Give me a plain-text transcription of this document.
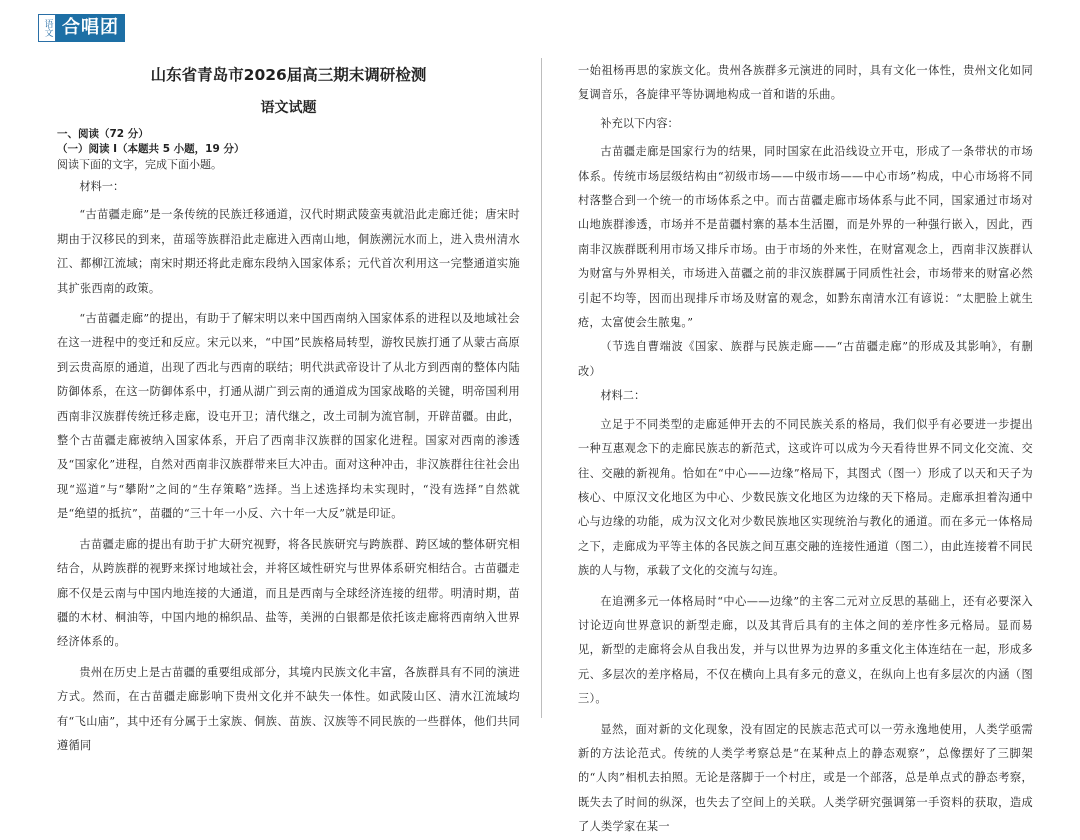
语文 合唱团
山东省青岛市2026届高三期末调研检测
语文试题

一、阅读（72 分）

（一）阅读 I（本题共 5 小题，19 分）

阅读下面的文字，完成下面小题。

材料一：

“古苗疆走廊”是一条传统的民族迁移通道，汉代时期武陵蛮夷就沿此走廊迁徙；唐宋时期由于汉移民的到来，苗瑶等族群沿此走廊进入西南山地，侗族溯沅水而上，进入贵州清水江、都柳江流域；南宋时期还将此走廊东段纳入国家体系；元代首次利用这一完整通道实施其扩张西南的政策。

“古苗疆走廊”的提出，有助于了解宋明以来中国西南纳入国家体系的进程以及地域社会在这一进程中的变迁和反应。宋元以来，“中国”民族格局转型，游牧民族打通了从蒙古高原到云贵高原的通道，出现了西北与西南的联结；明代洪武帝设计了从北方到西南的整体内陆防御体系，在这一防御体系中，打通从湖广到云南的通道成为国家战略的关键，明帝国利用西南非汉族群传统迁移走廊，设屯开卫；清代继之，改土司制为流官制，开辟苗疆。由此，整个古苗疆走廊被纳入国家体系，开启了西南非汉族群的国家化进程。国家对西南的渗透及“国家化”进程，自然对西南非汉族群带来巨大冲击。面对这种冲击，非汉族群往往社会出现“巡道”与“攀附”之间的“生存策略”选择。当上述选择均未实现时，“没有选择”自然就是“绝望的抵抗”，苗疆的“三十年一小反、六十年一大反”就是印证。

古苗疆走廊的提出有助于扩大研究视野，将各民族研究与跨族群、跨区域的整体研究相结合，从跨族群的视野来探讨地域社会，并将区域性研究与世界体系研究相结合。古苗疆走廊不仅是云南与中国内地连接的大通道，而且是西南与全球经济连接的纽带。明清时期，苗疆的木材、桐油等，中国内地的棉织品、盐等，美洲的白银都是依托该走廊将西南纳入世界经济体系的。

贵州在历史上是古苗疆的重要组成部分，其境内民族文化丰富，各族群具有不同的演进方式。然而，在古苗疆走廊影响下贵州文化并不缺失一体性。如武陵山区、清水江流域均有“飞山庙”，其中还有分属于土家族、侗族、苗族、汉族等不同民族的一些群体，他们共同遵循同

一始祖杨再思的家族文化。贵州各族群多元演进的同时，具有文化一体性，贵州文化如同复调音乐，各旋律平等协调地构成一首和谐的乐曲。

补充以下内容：

古苗疆走廊是国家行为的结果，同时国家在此沿线设立开屯，形成了一条带状的市场体系。传统市场层级结构由“初级市场——中级市场——中心市场”构成，中心市场将不同村落整合到一个统一的市场体系之中。而古苗疆走廊市场体系与此不同，国家通过市场对山地族群渗透，市场并不是苗疆村寨的基本生活圈，而是外界的一种强行嵌入，因此，西南非汉族群既利用市场又排斥市场。由于市场的外来性，在财富观念上，西南非汉族群认为财富与外界相关，市场进入苗疆之前的非汉族群属于同质性社会，市场带来的财富必然引起不均等，因而出现排斥市场及财富的观念，如黔东南清水江有谚说：“太肥脸上就生疮，太富使会生脓鬼。”

（节选自曹端波《国家、族群与民族走廊——“古苗疆走廊”的形成及其影响》，有删改）

材料二：

立足于不同类型的走廊延伸开去的不同民族关系的格局，我们似乎有必要进一步提出一种互惠观念下的走廊民族志的新范式，这或许可以成为今天看待世界不同文化交流、交往、交融的新视角。恰如在“中心——边缘”格局下，其图式（图一）形成了以天和天子为核心、中原汉文化地区为中心、少数民族文化地区为边缘的天下格局。走廊承担着沟通中心与边缘的功能，成为汉文化对少数民族地区实现统治与教化的通道。而在多元一体格局之下，走廊成为平等主体的各民族之间互惠交融的连接性通道（图二），由此连接着不同民族的人与物，承载了文化的交流与勾连。

在追溯多元一体格局时“中心——边缘”的主客二元对立反思的基础上，还有必要深入讨论迈向世界意识的新型走廊，以及其背后具有的主体之间的差序性多元格局。显而易见，新型的走廊将会从自我出发，并与以世界为边界的多重文化主体连结在一起，形成多元、多层次的差序格局，不仅在横向上具有多元的意义，在纵向上也有多层次的内涵（图三）。

显然，面对新的文化现象，没有固定的民族志范式可以一劳永逸地使用，人类学亟需新的方法论范式。传统的人类学考察总是“在某种点上的静态观察”，总像摆好了三脚架的“人肉”相机去拍照。无论是落脚于一个村庄，或是一个部落，总是单点式的静态考察，既失去了时间的纵深，也失去了空间上的关联。人类学研究强调第一手资料的获取，造成了人类学家在某一
